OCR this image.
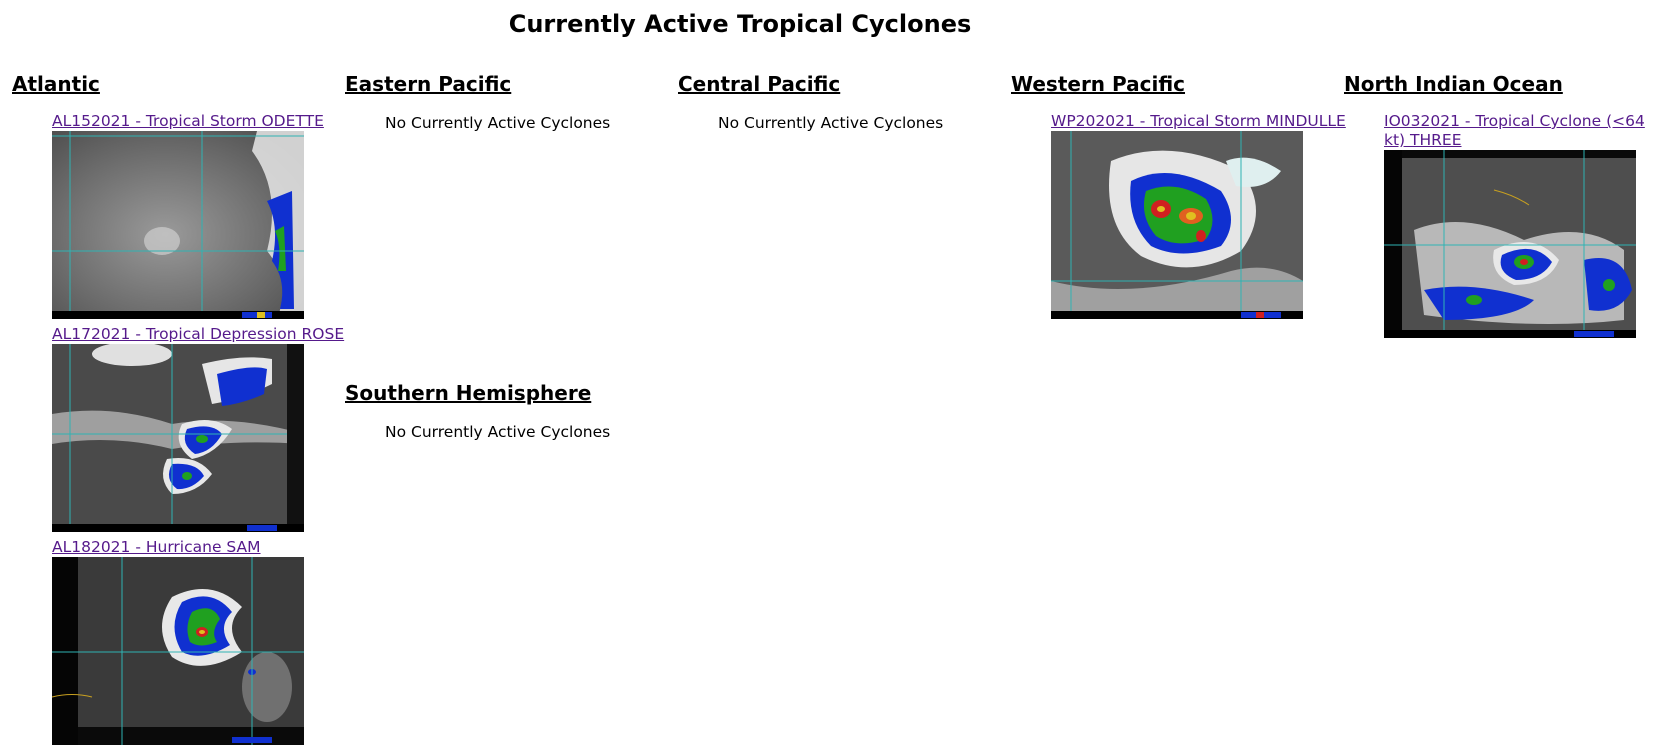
Currently Active Tropical Cyclones
Atlantic
AL152021 - Tropical Storm ODETTE
AL172021 - Tropical Depression ROSE
AL182021 - Hurricane SAM
Eastern Pacific
No Currently Active Cyclones
Southern Hemisphere
No Currently Active Cyclones
Central Pacific
No Currently Active Cyclones
Western Pacific
WP202021 - Tropical Storm MINDULLE
North Indian Ocean
IO032021 - Tropical Cyclone (<64 kt) THREE
